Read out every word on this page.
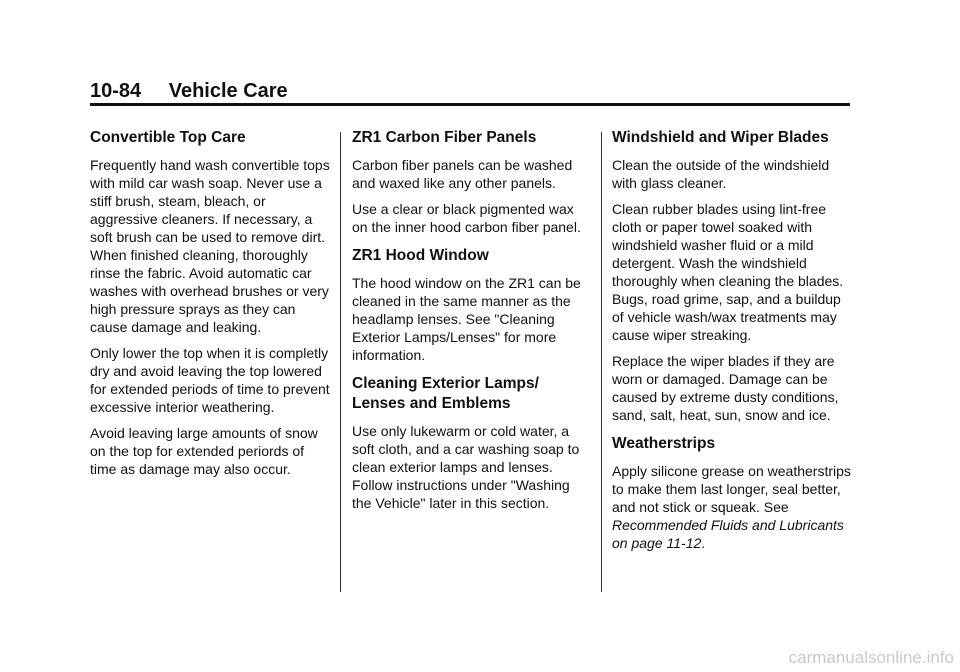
10-84 Vehicle Care
Convertible Top Care

Frequently hand wash convertible tops with mild car wash soap. Never use a stiff brush, steam, bleach, or aggressive cleaners. If necessary, a soft brush can be used to remove dirt. When finished cleaning, thoroughly rinse the fabric. Avoid automatic car washes with overhead brushes or very high pressure sprays as they can cause damage and leaking.

Only lower the top when it is completly dry and avoid leaving the top lowered for extended periods of time to prevent excessive interior weathering.

Avoid leaving large amounts of snow on the top for extended periords of time as damage may also occur.

ZR1 Carbon Fiber Panels

Carbon fiber panels can be washed and waxed like any other panels.

Use a clear or black pigmented wax on the inner hood carbon fiber panel.

ZR1 Hood Window

The hood window on the ZR1 can be cleaned in the same manner as the headlamp lenses. See "Cleaning Exterior Lamps/Lenses" for more information.

Cleaning Exterior Lamps/ Lenses and Emblems

Use only lukewarm or cold water, a soft cloth, and a car washing soap to clean exterior lamps and lenses. Follow instructions under "Washing the Vehicle" later in this section.

Windshield and Wiper Blades

Clean the outside of the windshield with glass cleaner.

Clean rubber blades using lint-free cloth or paper towel soaked with windshield washer fluid or a mild detergent. Wash the windshield thoroughly when cleaning the blades. Bugs, road grime, sap, and a buildup of vehicle wash/wax treatments may cause wiper streaking.

Replace the wiper blades if they are worn or damaged. Damage can be caused by extreme dusty conditions, sand, salt, heat, sun, snow and ice.

Weatherstrips

Apply silicone grease on weatherstrips to make them last longer, seal better, and not stick or squeak. See Recommended Fluids and Lubricants on page 11-12.

carmanualsonline.info
